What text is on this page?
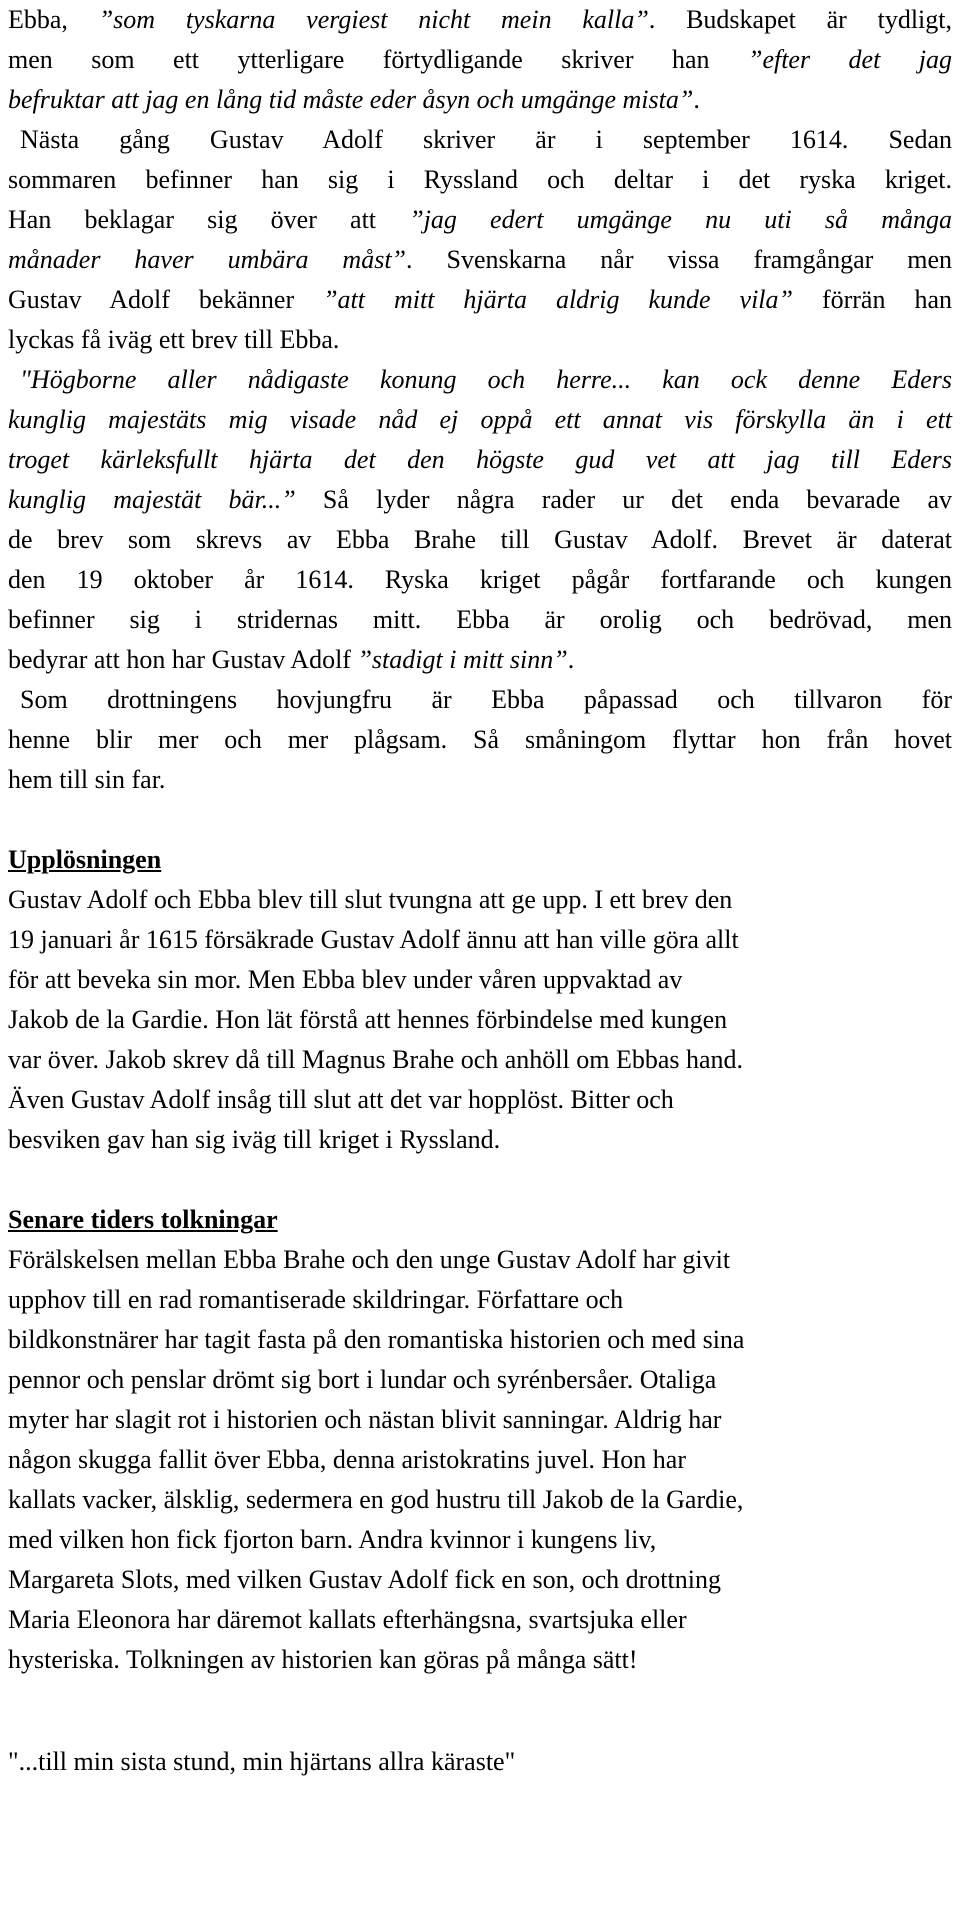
Ebba, ”som tyskarna vergiest nicht mein kalla”. Budskapet är tydligt,
men som ett ytterligare förtydligande skriver han ”efter det jag
befruktar att jag en lång tid måste eder åsyn och umgänge mista”.
Nästa gång Gustav Adolf skriver är i september 1614. Sedan
sommaren befinner han sig i Ryssland och deltar i det ryska kriget.
Han beklagar sig över att ”jag edert umgänge nu uti så många
månader haver umbära måst”. Svenskarna når vissa framgångar men
Gustav Adolf bekänner ”att mitt hjärta aldrig kunde vila” förrän han
lyckas få iväg ett brev till Ebba.
"Högborne aller nådigaste konung och herre... kan ock denne Eders
kunglig majestäts mig visade nåd ej oppå ett annat vis förskylla än i ett
troget kärleksfullt hjärta det den högste gud vet att jag till Eders
kunglig majestät bär...” Så lyder några rader ur det enda bevarade av
de brev som skrevs av Ebba Brahe till Gustav Adolf. Brevet är daterat
den 19 oktober år 1614. Ryska kriget pågår fortfarande och kungen
befinner sig i stridernas mitt. Ebba är orolig och bedrövad, men
bedyrar att hon har Gustav Adolf ”stadigt i mitt sinn”.
Som drottningens hovjungfru är Ebba påpassad och tillvaron för
henne blir mer och mer plågsam. Så småningom flyttar hon från hovet
hem till sin far.
Upplösningen
Gustav Adolf och Ebba blev till slut tvungna att ge upp. I ett brev den
19 januari år 1615 försäkrade Gustav Adolf ännu att han ville göra allt
för att beveka sin mor. Men Ebba blev under våren uppvaktad av
Jakob de la Gardie. Hon lät förstå att hennes förbindelse med kungen
var över. Jakob skrev då till Magnus Brahe och anhöll om Ebbas hand.
Även Gustav Adolf insåg till slut att det var hopplöst. Bitter och
besviken gav han sig iväg till kriget i Ryssland.
Senare tiders tolkningar
Förälskelsen mellan Ebba Brahe och den unge Gustav Adolf har givit
upphov till en rad romantiserade skildringar. Författare och
bildkonstnärer har tagit fasta på den romantiska historien och med sina
pennor och penslar drömt sig bort i lundar och syrénbersåer. Otaliga
myter har slagit rot i historien och nästan blivit sanningar. Aldrig har
någon skugga fallit över Ebba, denna aristokratins juvel. Hon har
kallats vacker, älsklig, sedermera en god hustru till Jakob de la Gardie,
med vilken hon fick fjorton barn. Andra kvinnor i kungens liv,
Margareta Slots, med vilken Gustav Adolf fick en son, och drottning
Maria Eleonora har däremot kallats efterhängsna, svartsjuka eller
hysteriska. Tolkningen av historien kan göras på många sätt!
"...till min sista stund, min hjärtans allra käraste"
